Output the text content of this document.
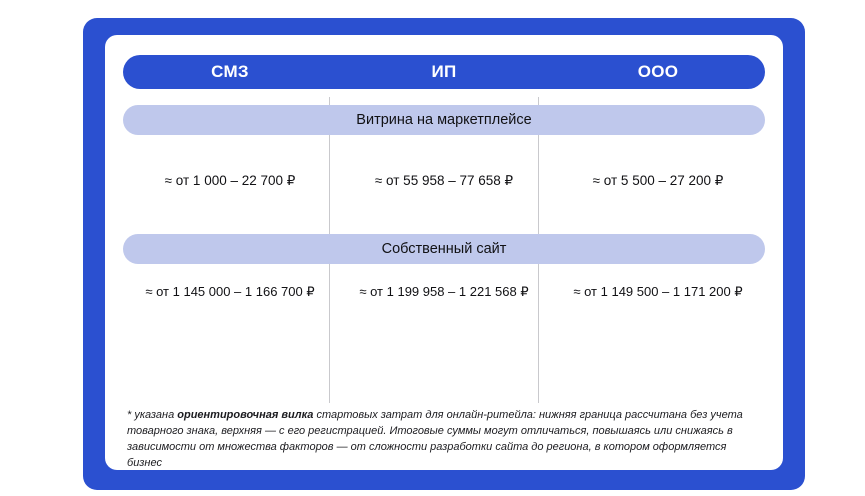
СМЗ	ИП	ООО
Витрина на маркетплейсе
≈ от 1 000 – 22 700 ₽	≈ от 55 958 – 77 658 ₽	≈ от 5 500 – 27 200 ₽
Собственный сайт
≈ от 1 145 000 – 1 166 700 ₽	≈ от 1 199 958 – 1 221 568 ₽	≈ от 1 149 500 – 1 171 200 ₽
* указана ориентировочная вилка стартовых затрат для онлайн-ритейла: нижняя граница рассчитана без учета товарного знака, верхняя — с его регистрацией. Итоговые суммы могут отличаться, повышаясь или снижаясь в зависимости от множества факторов — от сложности разработки сайта до региона, в котором оформляется бизнес
